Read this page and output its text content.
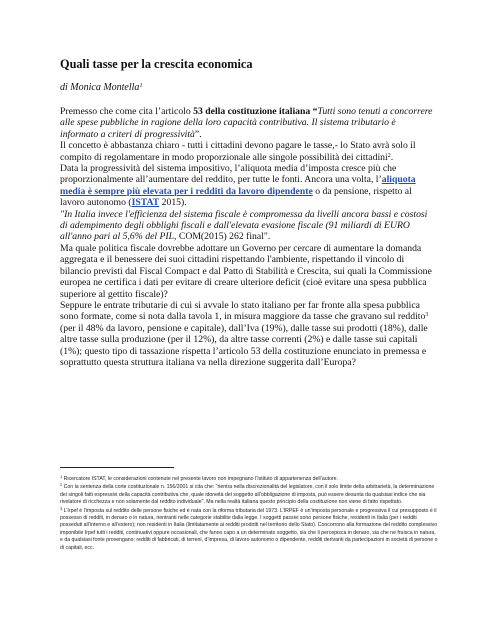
Quali tasse per la crescita economica
di Monica Montella$^1$

Premesso che come cita l’articolo 53 della costituzione italiana “Tutti sono tenuti a concorrere alle spese pubbliche in ragione della loro capacità contributiva. Il sistema tributario è informato a criteri di progressività”.

Il concetto è abbastanza chiaro - tutti i cittadini devono pagare le tasse,- lo Stato avrà solo il compito di regolamentare in modo proporzionale alle singole possibilità dei cittadini$^2$.

Data la progressività del sistema impositivo, l’aliquota media d’imposta cresce più che proporzionalmente all’aumentare del reddito, per tutte le fonti. Ancora una volta, l’aliquota media è sempre più elevata per i redditi da lavoro dipendente o da pensione, rispetto al lavoro autonomo (ISTAT 2015).

"In Italia invece l'efficienza del sistema fiscale è compromessa da livelli ancora bassi e costosi di adempimento degli obblighi fiscali e dall'elevata evasione fiscale (91 miliardi di EURO all'anno pari al 5,6% del PIL, COM(2015) 262 final".

Ma quale politica fiscale dovrebbe adottare un Governo per cercare di aumentare la domanda aggregata e il benessere dei suoi cittadini rispettando l'ambiente, rispettando il vincolo di bilancio previsti dal Fiscal Compact e dal Patto di Stabilità e Crescita, sui quali la Commissione europea ne certifica i dati per evitare di creare ulteriore deficit (cioè evitare una spesa pubblica superiore al gettito fiscale)?

Seppure le entrate tributarie di cui si avvale lo stato italiano per far fronte alla spesa pubblica sono formate, come si nota dalla tavola 1, in misura maggiore da tasse che gravano sul reddito$^3$ (per il 48% da lavoro, pensione e capitale), dall’Iva (19%), dalle tasse sui prodotti (18%), dalle altre tasse sulla produzione (per il 12%), da altre tasse correnti (2%) e dalle tasse sui capitali (1%); questo tipo di tassazione rispetta l’articolo 53 della costituzione enunciato in premessa e soprattutto questa struttura italiana va nella direzione suggerita dall’Europa?

$^1$ Ricercatore ISTAT, le considerazioni contenute nel presente lavoro non impegnano l’Istituto di appartenenza dell’autore.

$^2$ Con la sentenza della corte costituzionale n. 156/2001 si cita che: "rientra nella discrezionalità del legislatore, con il solo limite della arbitrarietà, la determinazione dei singoli fatti espressivi della capacità contributiva che, quale idoneità del soggetto all’obbligazione di imposta, può essere desunta da qualsiasi indice che sia rivelatore di ricchezza e non solamente dal reddito individuale". Ma nella realtà italiana questo principio della costituzione non viene di fatto rispettato.

$^3$ L’Irpef è l’imposta sul reddito delle persone fisiche ed è nata con la riforma tributaria del 1973. L’IRPEF è un’imposta personale e progressiva il cui presupposto è il possesso di redditi, in denaro o in natura, rientranti nelle categorie stabilite dalla legge. I soggetti passivi sono persone fisiche, residenti in Italia (per i redditi posseduti all’interno e all’estero); non residenti in Italia (limitatamente ai redditi prodotti nel territorio dello Stato). Concorrono alla formazione del reddito complessivo imponibile Irpef tutti i redditi, continuativi oppure occasionali, che fanno capo a un determinato soggetto, sia che li percepisca in denaro, sia che ne fruisca in natura, e da qualsiasi fonte provengano: redditi di fabbricati, di terreni, d’impresa, di lavoro autonomo o dipendente, redditi derivanti da partecipazioni in società di persone o di capitali, ecc.
